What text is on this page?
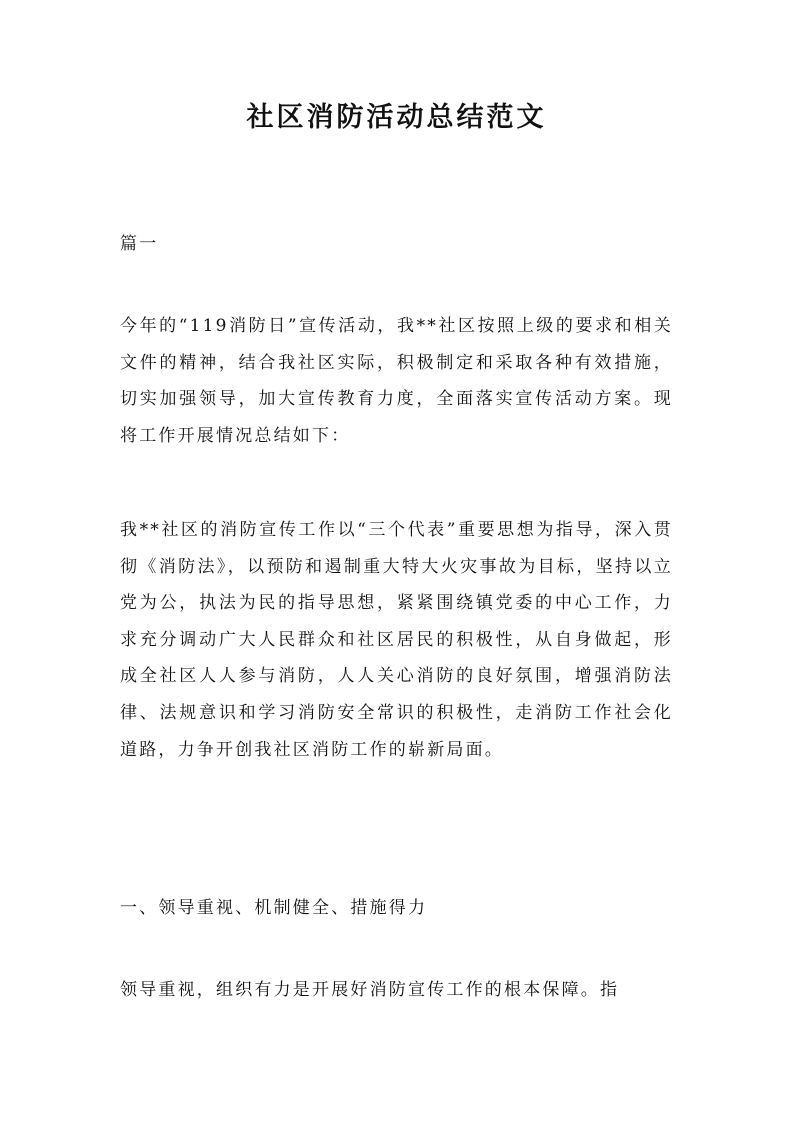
社区消防活动总结范文

篇一

今年的“119消防日”宣传活动，我**社区按照上级的要求和相关文件的精神，结合我社区实际，积极制定和采取各种有效措施，切实加强领导，加大宣传教育力度，全面落实宣传活动方案。现将工作开展情况总结如下：

我**社区的消防宣传工作以“三个代表”重要思想为指导，深入贯彻《消防法》，以预防和遏制重大特大火灾事故为目标，坚持以立党为公，执法为民的指导思想，紧紧围绕镇党委的中心工作，力求充分调动广大人民群众和社区居民的积极性，从自身做起，形成全社区人人参与消防，人人关心消防的良好氛围，增强消防法律、法规意识和学习消防安全常识的积极性，走消防工作社会化道路，力争开创我社区消防工作的崭新局面。

一、领导重视、机制健全、措施得力

领导重视，组织有力是开展好消防宣传工作的根本保障。指
